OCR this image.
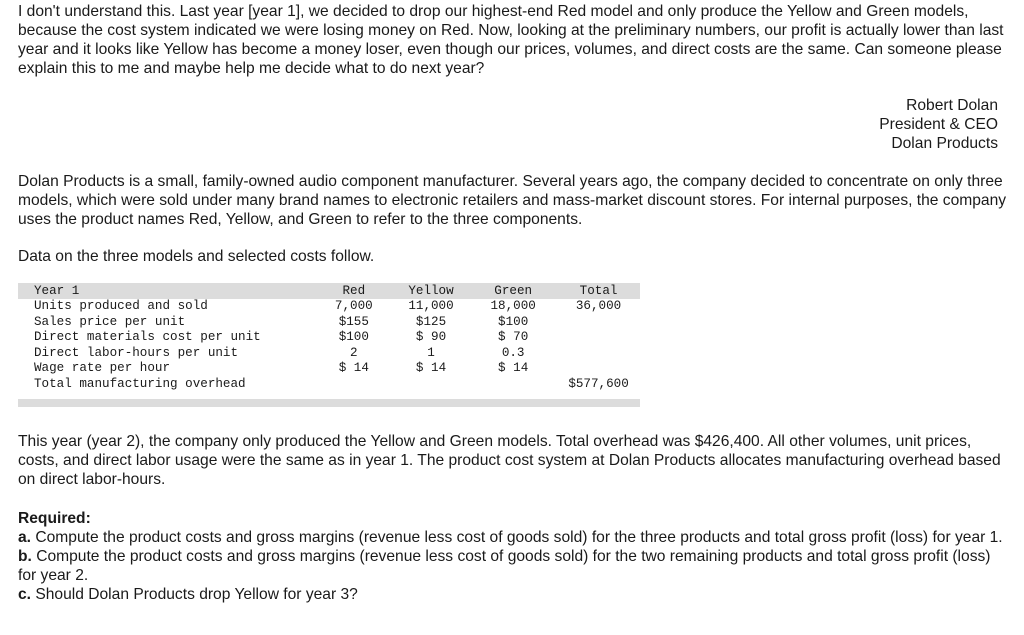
I don't understand this. Last year [year 1], we decided to drop our highest-end Red model and only produce the Yellow and Green models, because the cost system indicated we were losing money on Red. Now, looking at the preliminary numbers, our profit is actually lower than last year and it looks like Yellow has become a money loser, even though our prices, volumes, and direct costs are the same. Can someone please explain this to me and maybe help me decide what to do next year?

Robert Dolan
President & CEO
Dolan Products

Dolan Products is a small, family-owned audio component manufacturer. Several years ago, the company decided to concentrate on only three models, which were sold under many brand names to electronic retailers and mass-market discount stores. For internal purposes, the company uses the product names Red, Yellow, and Green to refer to the three components.

Data on the three models and selected costs follow.

Year 1	Red	Yellow	Green	Total
Units produced and sold	7,000	11,000	18,000	36,000
Sales price per unit	$155	$125	$100	
Direct materials cost per unit	$100	$ 90	$ 70	
Direct labor-hours per unit	2	1	0.3	
Wage rate per hour	$ 14	$ 14	$ 14	
Total manufacturing overhead				$577,600

This year (year 2), the company only produced the Yellow and Green models. Total overhead was $426,400. All other volumes, unit prices, costs, and direct labor usage were the same as in year 1. The product cost system at Dolan Products allocates manufacturing overhead based on direct labor-hours.

Required:
a. Compute the product costs and gross margins (revenue less cost of goods sold) for the three products and total gross profit (loss) for year 1.
b. Compute the product costs and gross margins (revenue less cost of goods sold) for the two remaining products and total gross profit (loss) for year 2.
c. Should Dolan Products drop Yellow for year 3?
